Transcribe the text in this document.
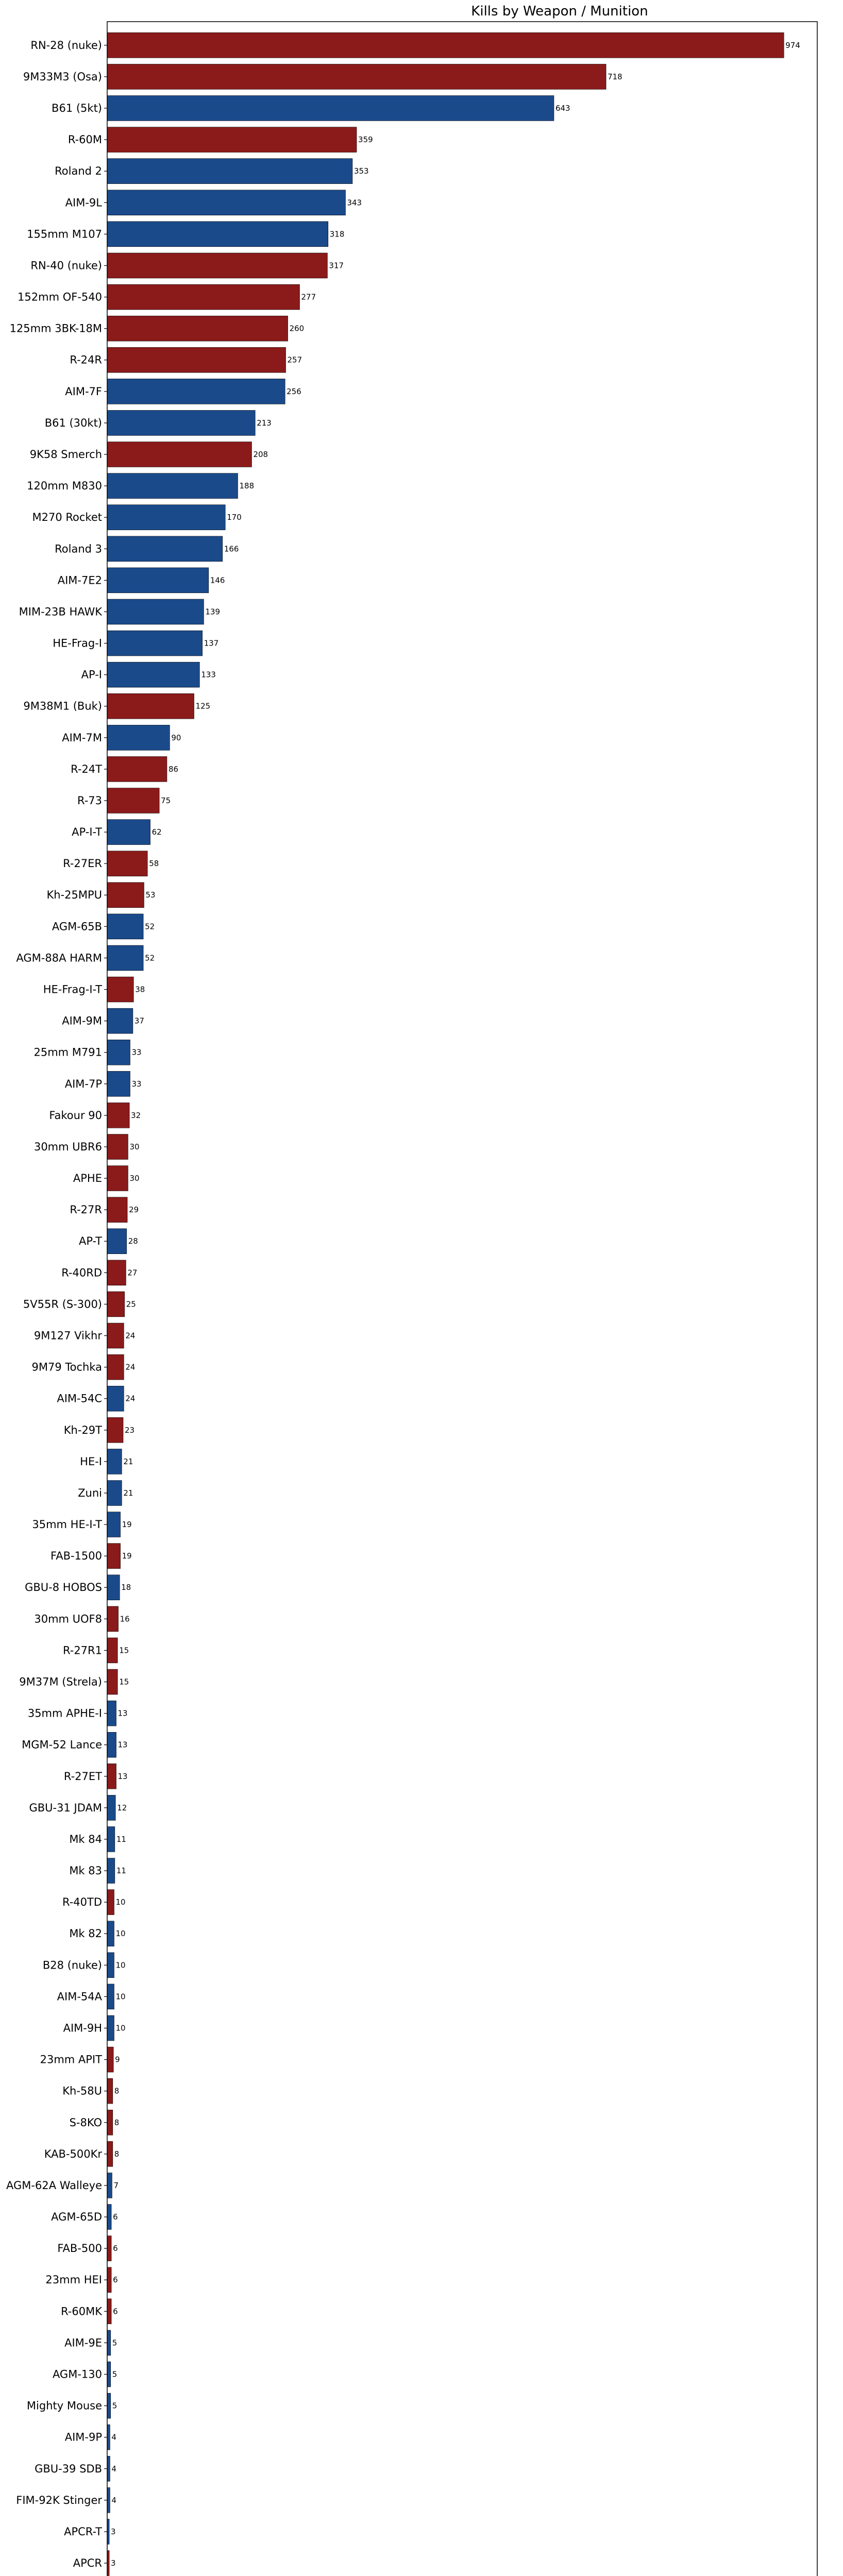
Kills by Weapon / Munition
RN-28 (nuke)
9M33M3 (Osa)
B61 (5kt)
R-60M
Roland 2
AIM-9L
155mm M107
RN-40 (nuke)
152mm OF-540
125mm 3BK-18M
R-24R
AIM-7F
B61 (30kt)
9K58 Smerch
120mm M830
M270 Rocket
Roland 3
AIM-7E2
MIM-23B HAWK
HE-Frag-I
AP-I
9M38M1 (Buk)
AIM-7M
R-24T
R-73
AP-I-T
R-27ER
Kh-25MPU
AGM-65B
AGM-88A HARM
HE-Frag-I-T
AIM-9M
25mm M791
AIM-7P
Fakour 90
30mm UBR6
APHE
R-27R
AP-T
R-40RD
5V55R (S-300)
9M127 Vikhr
9M79 Tochka
AIM-54C
Kh-29T
HE-I
Zuni
35mm HE-I-T
FAB-1500
GBU-8 HOBOS
30mm UOF8
R-27R1
9M37M (Strela)
35mm APHE-I
MGM-52 Lance
R-27ET
GBU-31 JDAM
Mk 84
Mk 83
R-40TD
Mk 82
B28 (nuke)
AIM-54A
AIM-9H
23mm APIT
Kh-58U
S-8KO
KAB-500Kr
AGM-62A Walleye
AGM-65D
FAB-500
23mm HEI
R-60MK
AIM-9E
AGM-130
Mighty Mouse
AIM-9P
GBU-39 SDB
FIM-92K Stinger
APCR-T
APCR
974
718
643
359
353
343
318
317
277
260
257
256
213
208
188
170
166
146
139
137
133
125
90
86
75
62
58
53
52
52
38
37
33
33
32
30
30
29
28
27
25
24
24
24
23
21
21
19
19
18
16
15
15
13
13
13
12
11
11
10
10
10
10
10
9
8
8
8
7
6
6
6
6
5
5
5
4
4
4
3
3
